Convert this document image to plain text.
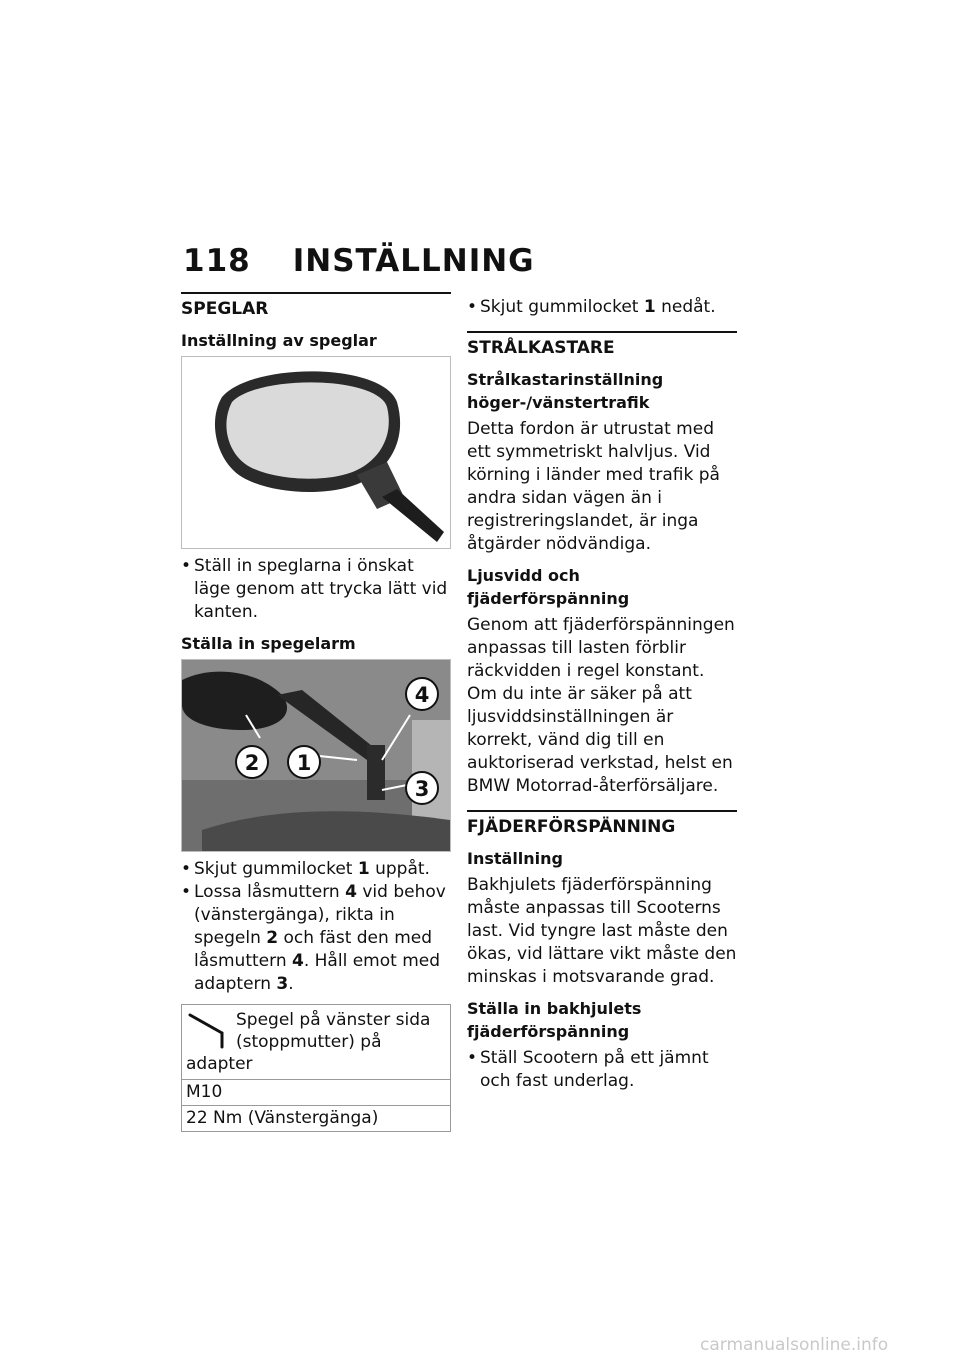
118 INSTÄLLNING
SPEGLAR
Inställning av speglar
• Ställ in speglarna i önskat läge genom att trycka lätt vid kanten.
Ställa in spegelarm
2 1
4
3
• Skjut gummilocket 1 uppåt.
• Lossa låsmuttern 4 vid behov (vänstergänga), rikta in spegeln 2 och fäst den med låsmuttern 4. Håll emot med adaptern 3.
Spegel på vänster sida (stoppmutter) på adapter
M10
22 Nm (Vänstergänga)
• Skjut gummilocket 1 nedåt.
STRÅLKASTARE
Strålkastarinställning höger-/vänstertrafik
Detta fordon är utrustat med ett symmetriskt halvljus. Vid körning i länder med trafik på andra sidan vägen än i registreringslandet, är inga åtgärder nödvändiga.
Ljusvidd och fjäderförspänning
Genom att fjäderförspänningen anpassas till lasten förblir räckvidden i regel konstant.
Om du inte är säker på att ljusviddsinställningen är korrekt, vänd dig till en auktoriserad verkstad, helst en BMW Motorrad-återförsäljare.
FJÄDERFÖRSPÄNNING
Inställning
Bakhjulets fjäderförspänning måste anpassas till Scooterns last. Vid tyngre last måste den ökas, vid lättare vikt måste den minskas i motsvarande grad.
Ställa in bakhjulets fjäderförspänning
• Ställ Scootern på ett jämnt och fast underlag.
carmanualsonline.info
